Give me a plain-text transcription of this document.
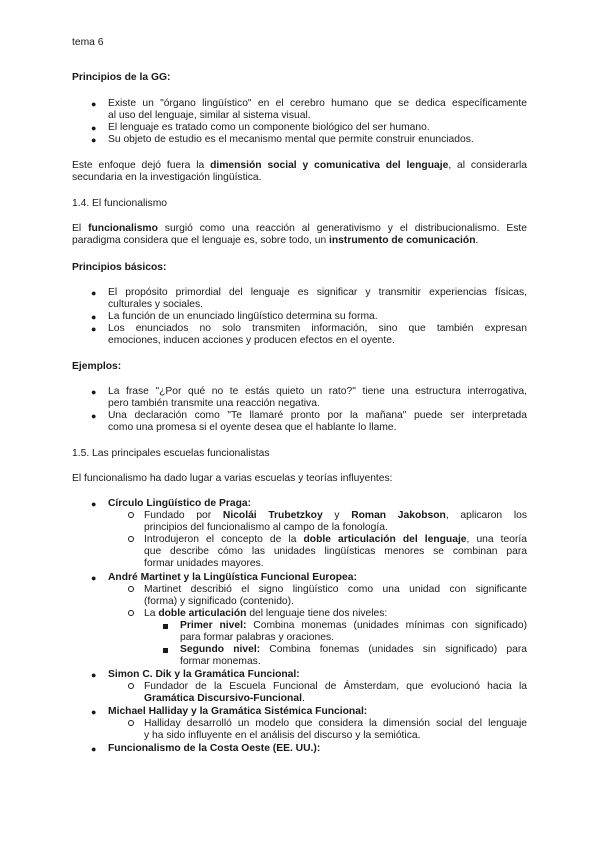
tema 6
Principios de la GG:
● Existe un "órgano lingüístico" en el cerebro humano que se dedica específicamente
al uso del lenguaje, similar al sistema visual.
● El lenguaje es tratado como un componente biológico del ser humano.
● Su objeto de estudio es el mecanismo mental que permite construir enunciados.
Este enfoque dejó fuera la dimensión social y comunicativa del lenguaje, al considerarla
secundaria en la investigación lingüística.
1.4. El funcionalismo
El funcionalismo surgió como una reacción al generativismo y el distribucionalismo. Este
paradigma considera que el lenguaje es, sobre todo, un instrumento de comunicación.
Principios básicos:
● El propósito primordial del lenguaje es significar y transmitir experiencias físicas,
culturales y sociales.
● La función de un enunciado lingüístico determina su forma.
● Los enunciados no solo transmiten información, sino que también expresan
emociones, inducen acciones y producen efectos en el oyente.
Ejemplos:
● La frase "¿Por qué no te estás quieto un rato?" tiene una estructura interrogativa,
pero también transmite una reacción negativa.
● Una declaración como "Te llamaré pronto por la mañana" puede ser interpretada
como una promesa si el oyente desea que el hablante lo llame.
1.5. Las principales escuelas funcionalistas
El funcionalismo ha dado lugar a varias escuelas y teorías influyentes:
● Círculo Lingüístico de Praga:
Fundado por Nicolái Trubetzkoy y Roman Jakobson, aplicaron los
principios del funcionalismo al campo de la fonología.
Introdujeron el concepto de la doble articulación del lenguaje, una teoría
que describe cómo las unidades lingüísticas menores se combinan para
formar unidades mayores.
● André Martinet y la Lingüística Funcional Europea:
Martinet describió el signo lingüístico como una unidad con significante
(forma) y significado (contenido).
La doble articulación del lenguaje tiene dos niveles:
Primer nivel: Combina monemas (unidades mínimas con significado)
para formar palabras y oraciones.
Segundo nivel: Combina fonemas (unidades sin significado) para
formar monemas.
● Simon C. Dik y la Gramática Funcional:
Fundador de la Escuela Funcional de Ámsterdam, que evolucionó hacia la
Gramática Discursivo-Funcional.
● Michael Halliday y la Gramática Sistémica Funcional:
Halliday desarrolló un modelo que considera la dimensión social del lenguaje
y ha sido influyente en el análisis del discurso y la semiótica.
● Funcionalismo de la Costa Oeste (EE. UU.):
